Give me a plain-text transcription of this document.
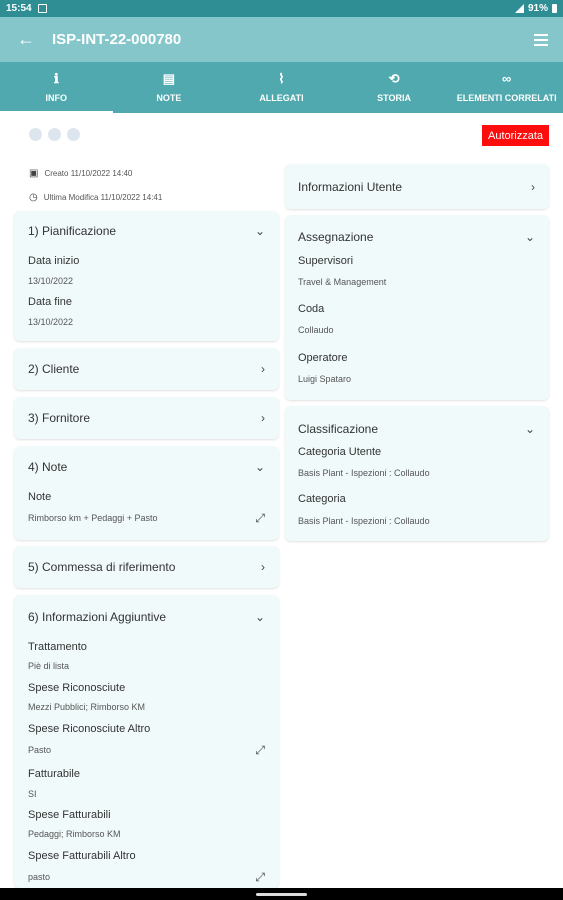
15:54	91%
←	ISP-INT-22-000780
ℹ
INFO
▤
NOTE
⌇
ALLEGATI
⟲
STORIA
∞
ELEMENTI CORRELATI
Autorizzata
▣ Creato 11/10/2022 14:40
◷ Ultima Modifica 11/10/2022 14:41
1) Pianificazione	⌄
Data inizio
13/10/2022
Data fine
13/10/2022
2) Cliente	›
3) Fornitore	›
4) Note	⌄
Note
Rimborso km + Pedaggi + Pasto	⤢
5) Commessa di riferimento	›
6) Informazioni Aggiuntive	⌄
Trattamento
Piè di lista
Spese Riconosciute
Mezzi Pubblici; Rimborso KM
Spese Riconosciute Altro
Pasto	⤢
Fatturabile
SI
Spese Fatturabili
Pedaggi; Rimborso KM
Spese Fatturabili Altro
pasto	⤢
Informazioni Utente	›
Assegnazione	⌄
Supervisori
Travel & Management
Coda
Collaudo
Operatore
Luigi Spataro
Classificazione	⌄
Categoria Utente
Basis Plant - Ispezioni : Collaudo
Categoria
Basis Plant - Ispezioni : Collaudo
